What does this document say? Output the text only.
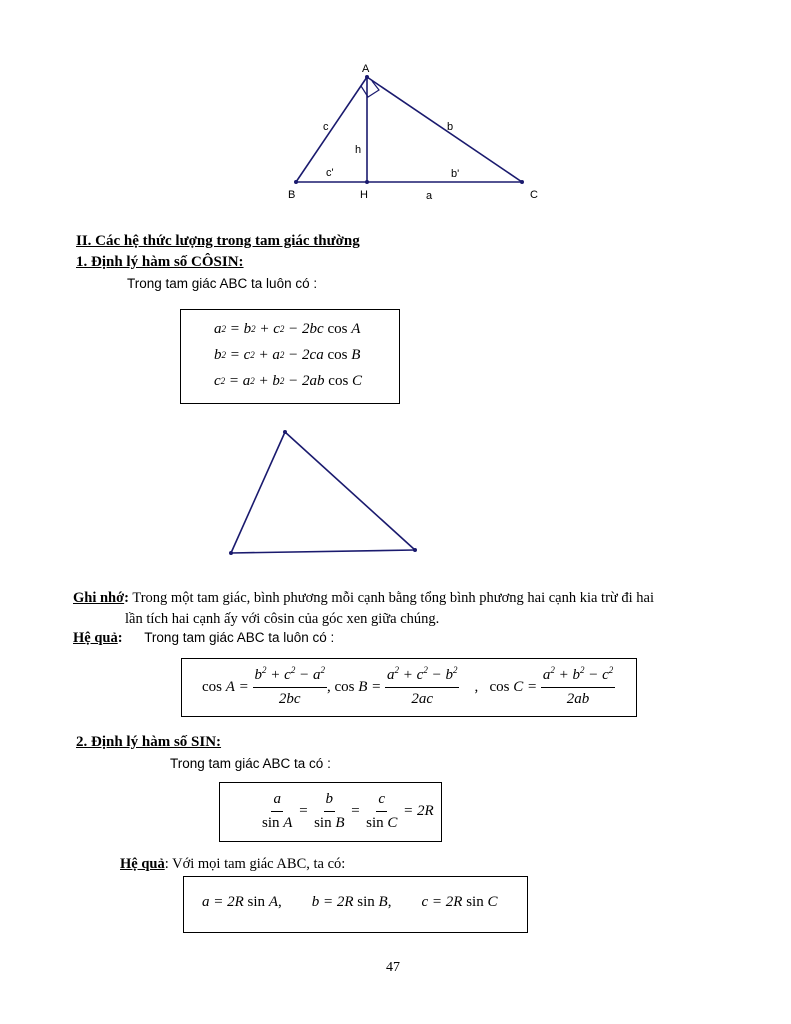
A
B	C
H	a
b
c
h
b'
c'
II. Các hệ thức lượng trong tam giác thường
1. Định lý hàm số CÔSIN:
Trong tam giác ABC ta luôn có :
a 2 = b 2 + c 2 − 2bc
cos
A
b 2 = c 2 + a 2 − 2ca
cos
B
c 2 = a 2 + b 2 − 2ab
cos
C
Ghi nhớ: Trong một tam giác, bình phương mỗi cạnh bằng tổng bình phương hai cạnh kia trừ đi hai
lần tích hai cạnh ấy với côsin của góc xen giữa chúng.
Hệ quả: Trong tam giác ABC ta luôn có :
cos
$A = \frac{b^2 + c^2 - a^2}{2bc}$ , cos
$B = \frac{a^2 + c^2 - b^2}{2ac}$ , cos
$C = \frac{a^2 + b^2 - c^2}{2ab}$
2. Định lý hàm số SIN:
Trong tam giác ABC ta có :
$\frac{a}{\text{sin A}} = \frac{b}{\text{sin B}} = \frac{c}{\text{sin C}} = 2R$
Hệ quả: Với mọi tam giác ABC, ta có:
a = 2 R
sin
A , b = 2 R
sin
B , c = 2 R
sin
C
47
